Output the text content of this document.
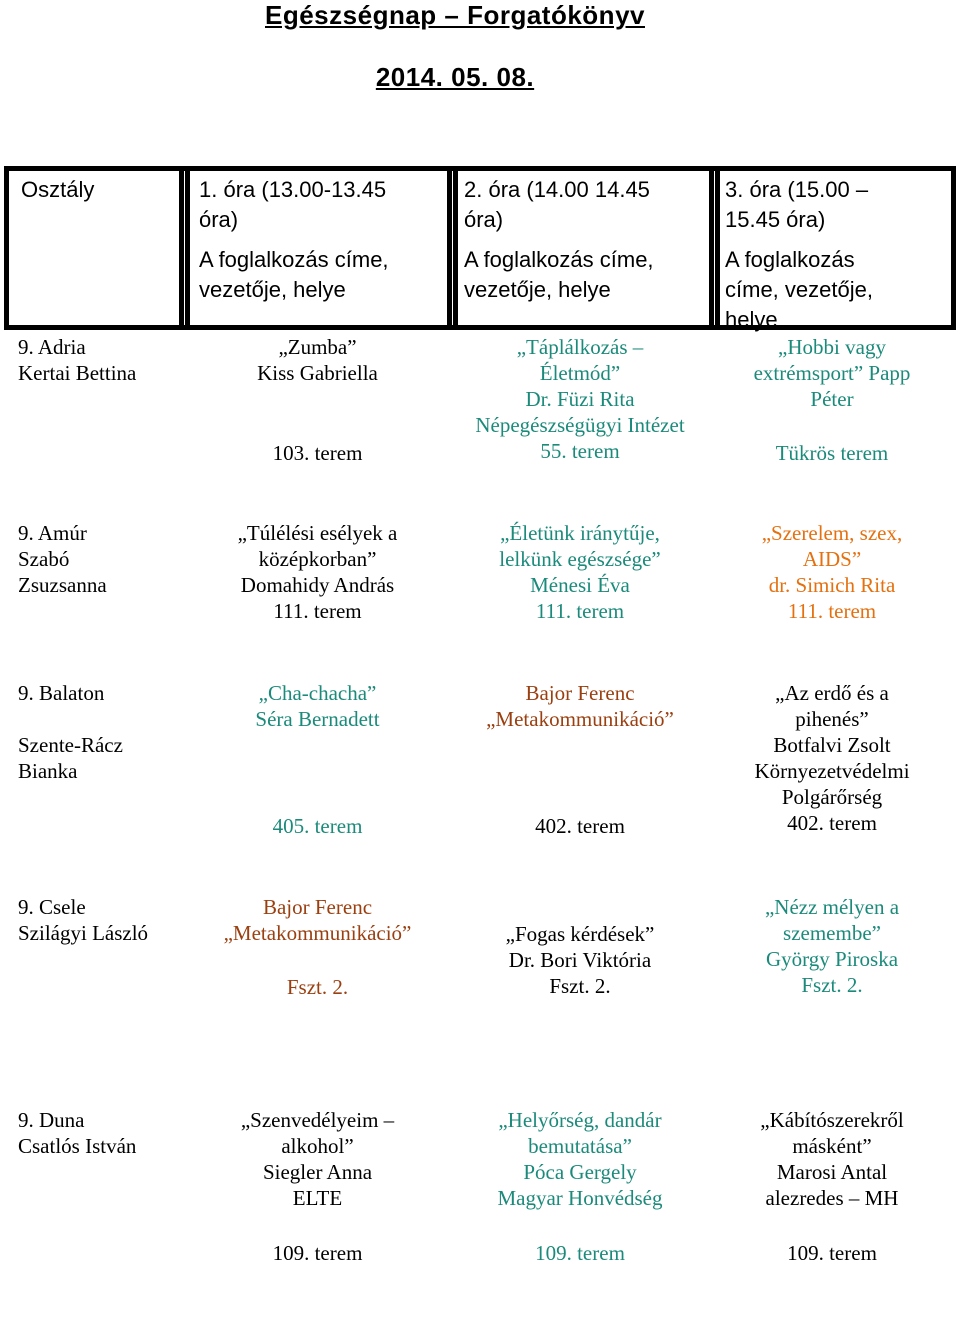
Egészségnap – Forgatókönyv
2014. 05. 08.
Osztály	1. óra (13.00-13.45
óra)
A foglalkozás címe,
vezetője, helye
2. óra (14.00 14.45
óra)
A foglalkozás címe,
vezetője, helye
3. óra (15.00 –
15.45 óra)
A foglalkozás
címe, vezetője,
helye
9. Adria
Kertai Bettina
„Zumba”
Kiss Gabriella
103. terem
„Táplálkozás –
Életmód”
Dr. Füzi Rita
Népegészségügyi Intézet
55. terem
„Hobbi vagy
extrémsport” Papp
Péter
Tükrös terem
9. Amúr
Szabó
Zsuzsanna
„Túlélési esélyek a
középkorban”
Domahidy András
111. terem
„Életünk iránytűje,
lelkünk egészsége”
Ménesi Éva
111. terem
„Szerelem, szex,
AIDS”
dr. Simich Rita
111. terem
9. Balaton
Szente-Rácz
Bianka
„Cha-chacha”
Séra Bernadett
405. terem
Bajor Ferenc
„Metakommunikáció”
402. terem
„Az erdő és a
pihenés”
Botfalvi Zsolt
Környezetvédelmi
Polgárőrség
402. terem
9. Csele
Szilágyi László
Bajor Ferenc
„Metakommunikáció”
Fszt. 2.
„Fogas kérdések”
Dr. Bori Viktória
Fszt. 2.
„Nézz mélyen a
szemembe”
György Piroska
Fszt. 2.
9. Duna
Csatlós István
„Szenvedélyeim –
alkohol”
Siegler Anna
ELTE
109. terem
„Helyőrség, dandár
bemutatása”
Póca Gergely
Magyar Honvédség
109. terem
„Kábítószerekről
másként”
Marosi Antal
alezredes – MH
109. terem
